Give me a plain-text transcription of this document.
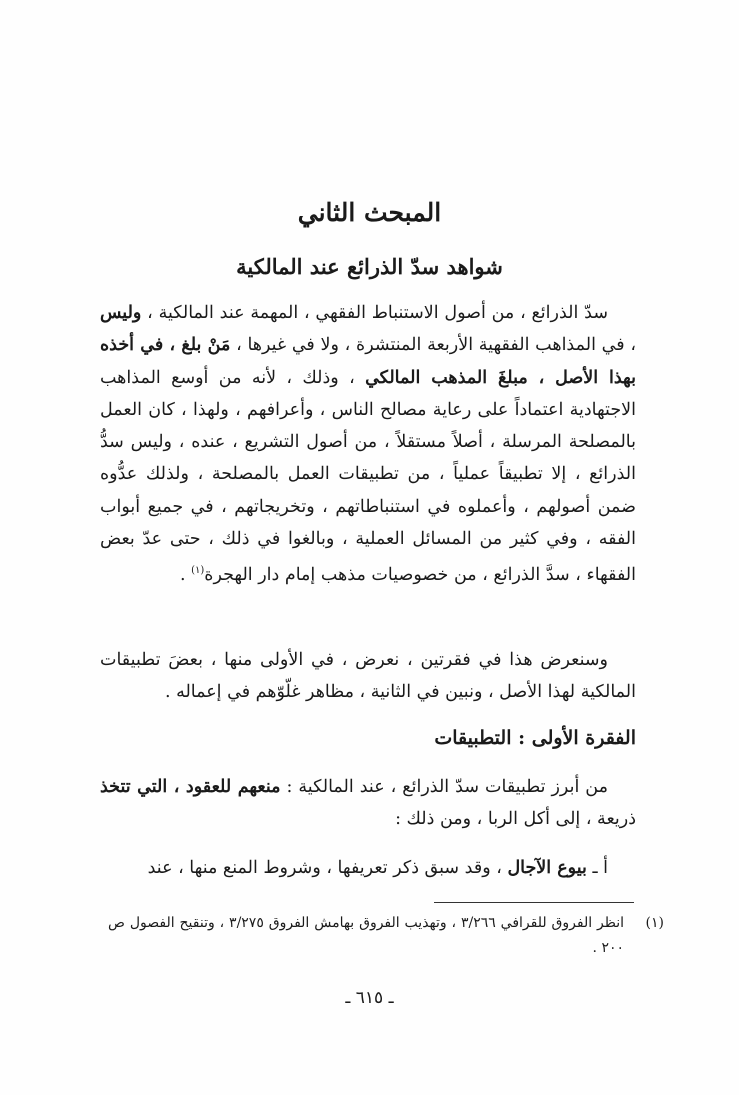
المبحث الثاني
شواهد سدّ الذرائع عند المالكية

سدّ الذرائع ، من أصول الاستنباط الفقهي ، المهمة عند المالكية ، وليس ، في المذاهب الفقهية الأربعة المنتشرة ، ولا في غيرها ، مَنْ بلغ ، في أخذه بهذا الأصل ، مبلغَ المذهب المالكي ، وذلك ، لأنه من أوسع المذاهب الاجتهادية اعتماداً على رعاية مصالح الناس ، وأعرافهم ، ولهذا ، كان العمل بالمصلحة المرسلة ، أصلاً مستقلاً ، من أصول التشريع ، عنده ، وليس سدُّ الذرائع ، إلا تطبيقاً عملياً ، من تطبيقات العمل بالمصلحة ، ولذلك عدُّوه ضمن أصولهم ، وأعملوه في استنباطاتهم ، وتخريجاتهم ، في جميع أبواب الفقه ، وفي كثير من المسائل العملية ، وبالغوا في ذلك ، حتى عدّ بعض الفقهاء ، سدَّ الذرائع ، من خصوصيات مذهب إمام دار الهجرة$^{(١)}$ .

وسنعرض هذا في فقرتين ، نعرض ، في الأولى منها ، بعضَ تطبيقات المالكية لهذا الأصل ، ونبين في الثانية ، مظاهر غلّوّهم في إعماله .

الفقرة الأولى : التطبيقات

من أبرز تطبيقات سدّ الذرائع ، عند المالكية : منعهم للعقود ، التي تتخذ ذريعة ، إلى أكل الربا ، ومن ذلك :

أ ـ بيوع الآجال ، وقد سبق ذكر تعريفها ، وشروط المنع منها ، عند

(١)

انظر الفروق للقرافي ٣/٢٦٦ ، وتهذيب الفروق بهامش الفروق ٣/٢٧٥ ، وتنقيح الفصول ص ٢٠٠ .

ـ ٦١٥ ـ
